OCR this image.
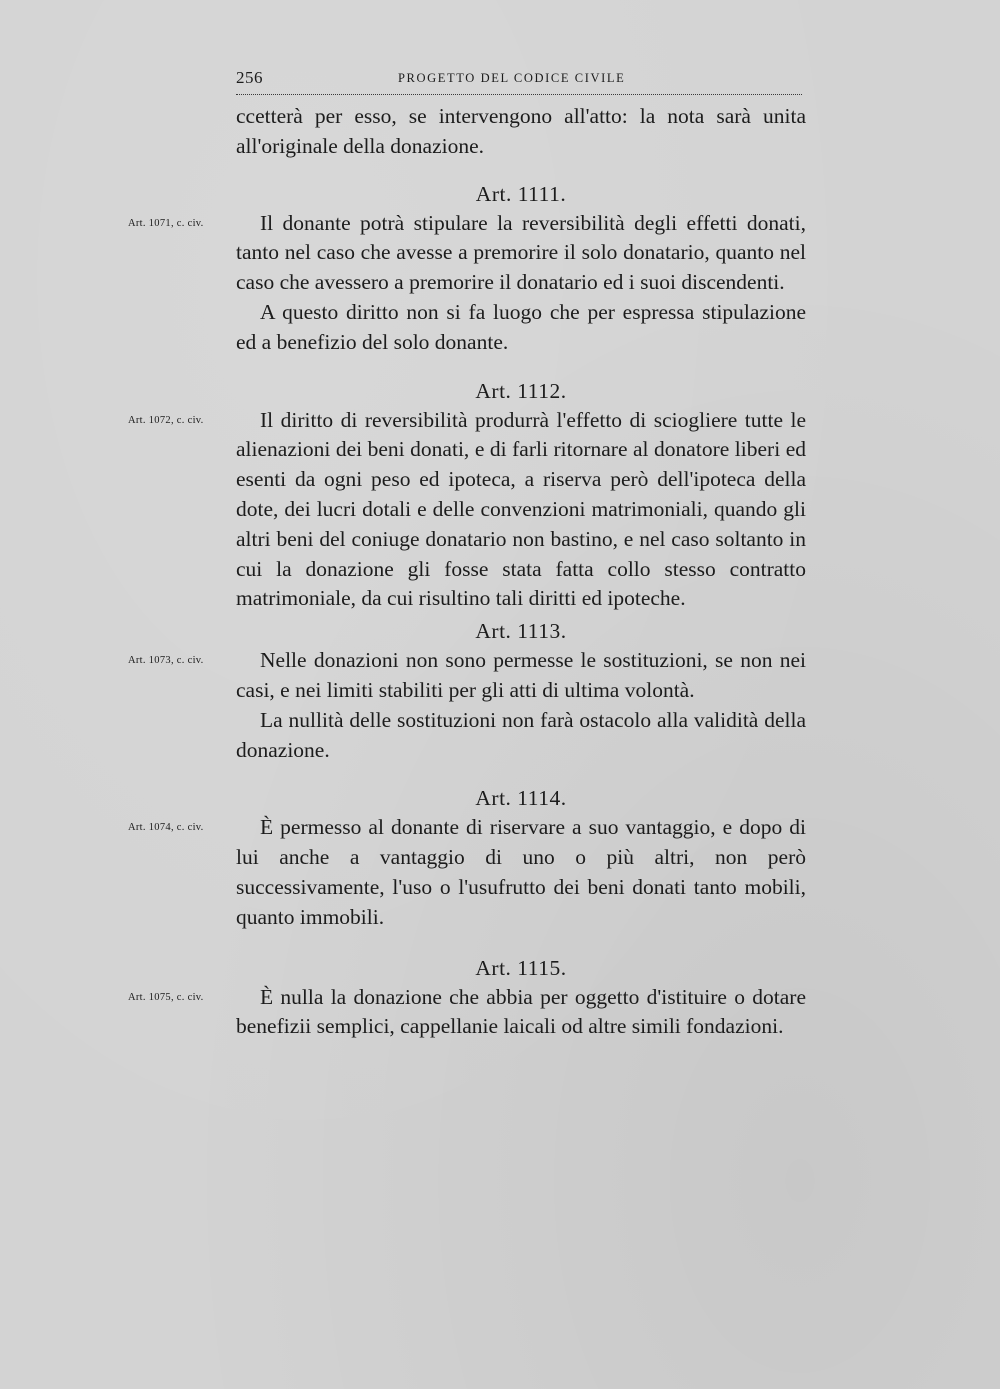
256	PROGETTO DEL CODICE CIVILE

ccetterà per esso, se intervengono all'atto: la nota sarà unita all'originale della donazione.

Art. 1111.

Art. 1071, c. civ.	Il donante potrà stipulare la reversibilità degli effetti donati, tanto nel caso che avesse a premorire il solo donatario, quanto nel caso che avessero a premorire il donatario ed i suoi discendenti.

A questo diritto non si fa luogo che per espressa stipulazione ed a benefizio del solo donante.

Art. 1112.

Art. 1072, c. civ.	Il diritto di reversibilità produrrà l'effetto di sciogliere tutte le alienazioni dei beni donati, e di farli ritornare al donatore liberi ed esenti da ogni peso ed ipoteca, a riserva però dell'ipoteca della dote, dei lucri dotali e delle convenzioni matrimoniali, quando gli altri beni del coniuge donatario non bastino, e nel caso soltanto in cui la donazione gli fosse stata fatta collo stesso contratto matrimoniale, da cui risultino tali diritti ed ipoteche.

Art. 1113.

Art. 1073, c. civ.	Nelle donazioni non sono permesse le sostituzioni, se non nei casi, e nei limiti stabiliti per gli atti di ultima volontà.

La nullità delle sostituzioni non farà ostacolo alla validità della donazione.

Art. 1114.

Art. 1074, c. civ.	È permesso al donante di riservare a suo vantaggio, e dopo di lui anche a vantaggio di uno o più altri, non però successivamente, l'uso o l'usufrutto dei beni donati tanto mobili, quanto immobili.

Art. 1115.

Art. 1075, c. civ.	È nulla la donazione che abbia per oggetto d'istituire o dotare benefizii semplici, cappellanie laicali od altre simili fondazioni.
